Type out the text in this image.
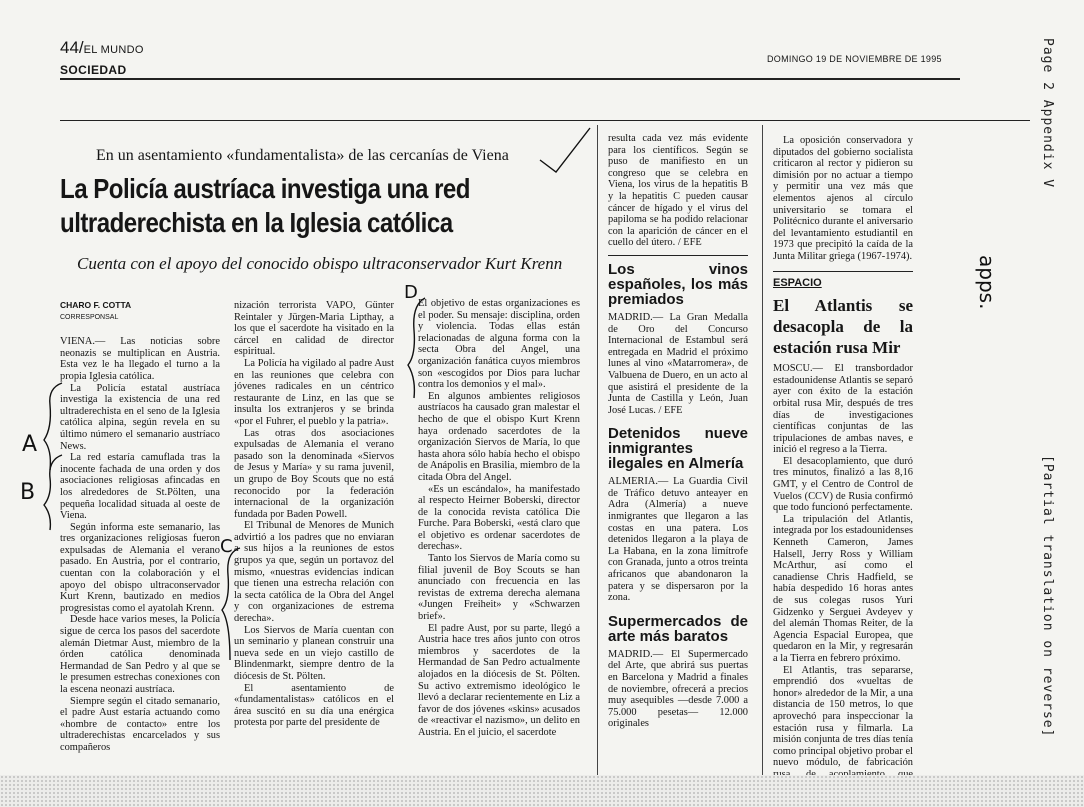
44/EL MUNDO
SOCIEDAD
DOMINGO 19 DE NOVIEMBRE DE 1995
En un asentamiento «fundamentalista» de las cercanías de Viena
La Policía austríaca investiga una red
ultraderechista en la Iglesia católica
Cuenta con el apoyo del conocido obispo ultraconservador Kurt Krenn
CHARO F. COTTA
CORRESPONSAL

VIENA.— Las noticias sobre neonazis se multiplican en Austria. Esta vez le ha llegado el turno a la propia Iglesia católica.

La Policía estatal austríaca investiga la existencia de una red ultraderechista en el seno de la Iglesia católica alpina, según revela en su último número el semanario austríaco News.

La red estaría camuflada tras la inocente fachada de una orden y dos asociaciones religiosas afincadas en los alrededores de St.Pölten, una pequeña localidad situada al oeste de Viena.

Según informa este semanario, las tres organizaciones religiosas fueron expulsadas de Alemania el verano pasado. En Austria, por el contrario, cuentan con la colaboración y el apoyo del obispo ultraconservador Kurt Krenn, bautizado en medios progresistas como el ayatolah Krenn.

Desde hace varios meses, la Policía sigue de cerca los pasos del sacerdote alemán Dietmar Aust, miembro de la órden católica denominada Hermandad de San Pedro y al que se le presumen estrechas conexiones con la escena neonazi austríaca.

Siempre según el citado semanario, el padre Aust estaría actuando como «hombre de contacto» entre los ultraderechistas encarcelados y sus compañeros

nización terrorista VAPO, Günter Reintaler y Jürgen-Maria Lipthay, a los que el sacerdote ha visitado en la cárcel en calidad de director espiritual.

La Policía ha vigilado al padre Aust en las reuniones que celebra con jóvenes radicales en un céntrico restaurante de Linz, en las que se insulta los extranjeros y se brinda «por el Fuhrer, el pueblo y la patria».

Las otras dos asociaciones expulsadas de Alemania el verano pasado son la denominada «Siervos de Jesus y María» y su rama juvenil, un grupo de Boy Scouts que no está reconocido por la federación internacional de la organización fundada por Baden Powell.

El Tribunal de Menores de Munich advirtió a los padres que no enviaran a sus hijos a la reuniones de estos grupos ya que, según un portavoz del mismo, «nuestras evidencias indican que tienen una estrecha relación con la secta católica de la Obra del Angel y con organizaciones de estrema derecha».

Los Siervos de María cuentan con un seminario y planean construir una nueva sede en un viejo castillo de Blindenmarkt, siempre dentro de la diócesis de St. Pölten.

El asentamiento de «fundamentalistas» católicos en el área suscitó en su día una enérgica protesta por parte del presidente de

El objetivo de estas organizaciones es el poder. Su mensaje: disciplina, orden y violencia. Todas ellas están relacionadas de alguna forma con la secta Obra del Angel, una organización fanática cuyos miembros son «escogidos por Dios para luchar contra los demonios y el mal».

En algunos ambientes religiosos austríacos ha causado gran malestar el hecho de que el obispo Kurt Krenn haya ordenado sacerdotes de la organización Siervos de María, lo que hasta ahora sólo había hecho el obispo de Anápolis en Brasilia, miembro de la citada Obra del Angel.

«Es un escándalo», ha manifestado al respecto Heirner Boberski, director de la conocida revista católica Die Furche. Para Boberski, «está claro que el objetivo es ordenar sacerdotes de derechas».

Tanto los Siervos de María como su filial juvenil de Boy Scouts se han anunciado con frecuencia en las revistas de extrema derecha alemana «Jungen Freiheit» y «Schwarzen brief».

El padre Aust, por su parte, llegó a Austria hace tres años junto con otros miembros y sacerdotes de la Hermandad de San Pedro actualmente alojados en la diócesis de St. Pölten. Su activo extremismo ideológico le llevó a declarar recientemente en Liz a favor de dos jóvenes «skins» acusados de «reactivar el nazismo», un delito en Austria. En el juicio, el sacerdote

resulta cada vez más evidente para los científicos. Según se puso de manifiesto en un congreso que se celebra en Viena, los virus de la hepatitis B y la hepatitis C pueden causar cáncer de hígado y el virus del papiloma se ha podido relacionar con la aparición de cáncer en el cuello del útero. / EFE

Los vinos españoles, los más premiados

MADRID.— La Gran Medalla de Oro del Concurso Internacional de Estambul será entregada en Madrid el próximo lunes al vino «Matarromera», de Valbuena de Duero, en un acto al que asistirá el presidente de la Junta de Castilla y León, Juan José Lucas. / EFE

Detenidos nueve inmigrantes ilegales en Almería

ALMERIA.— La Guardia Civil de Tráfico detuvo anteayer en Adra (Almería) a nueve inmigrantes que llegaron a las costas en una patera. Los detenidos llegaron a la playa de La Habana, en la zona limítrofe con Granada, junto a otros treinta africanos que abandonaron la patera y se dispersaron por la zona.

Supermercados de arte más baratos

MADRID.— El Supermercado del Arte, que abrirá sus puertas en Barcelona y Madrid a finales de noviembre, ofrecerá a precios muy asequibles —desde 7.000 a 75.000 pesetas— 12.000 originales

La oposición conservadora y diputados del gobierno socialista criticaron al rector y pidieron su dimisión por no actuar a tiempo y permitir una vez más que elementos ajenos al círculo universitario se tomara el Politécnico durante el aniversario del levantamiento estudiantil en 1973 que precipitó la caída de la Junta Militar griega (1967-1974).

ESPACIO
El Atlantis se desacopla de la estación rusa Mir

MOSCU.— El transbordador estadounidense Atlantis se separó ayer con éxito de la estación orbital rusa Mir, después de tres días de investigaciones científicas conjuntas de las tripulaciones de ambas naves, e inició el regreso a la Tierra.

El desacoplamiento, que duró tres minutos, finalizó a las 8,16 GMT, y el Centro de Control de Vuelos (CCV) de Rusia confirmó que todo funcionó perfectamente.

La tripulación del Atlantis, integrada por los estadounidenses Kenneth Cameron, James Halsell, Jerry Ross y William McArthur, así como el canadiense Chris Hadfield, se había despedido 16 horas antes de sus colegas rusos Yuri Gidzenko y Serguei Avdeyev y del alemán Thomas Reiter, de la Agencia Espacial Europea, que quedaron en la Mir, y regresarán a la Tierra en febrero próximo.

El Atlantis, tras separarse, emprendió dos «vueltas de honor» alrededor de la Mir, a una distancia de 150 metros, lo que aprovechó para inspeccionar la estación rusa y filmarla. La misión conjunta de tres días tenía como principal objetivo probar el nuevo módulo, de fabricación

A
B
C
D
Page 2 Appendix V
apps.
[Partial translation on reverse]
